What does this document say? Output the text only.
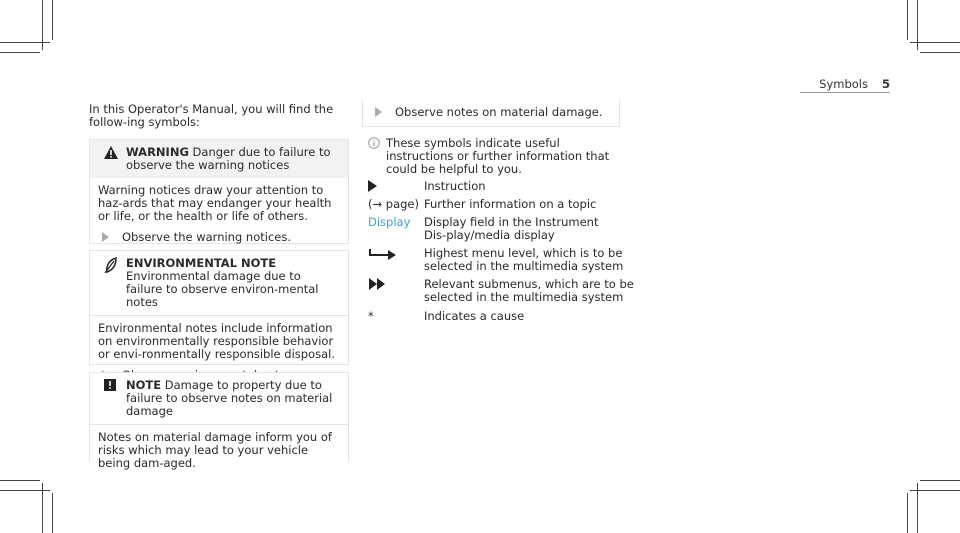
Symbols 5
In this Operator's Manual, you will find the follow‑ing symbols:
WARNING Danger due to failure to observe the warning notices
Warning notices draw your attention to haz‑ards that may endanger your health or life, or the health or life of others.
Observe the warning notices.
ENVIRONMENTAL NOTE Environmental damage due to failure to observe environ‑mental notes
Environmental notes include information on environmentally responsible behavior or envi‑ronmentally responsible disposal.
NOTE Damage to property due to failure to observe notes on material damage
Notes on material damage inform you of risks which may lead to your vehicle being dam‑aged.
Observe notes on material damage.
These symbols indicate useful instructions or further information that could be helpful to you.
Instruction
(→ page) Further information on a topic
Display Display field in the Instrument Dis‑play/media display
Highest menu level, which is to be selected in the multimedia system
Relevant submenus, which are to be selected in the multimedia system
*	Indicates a cause
